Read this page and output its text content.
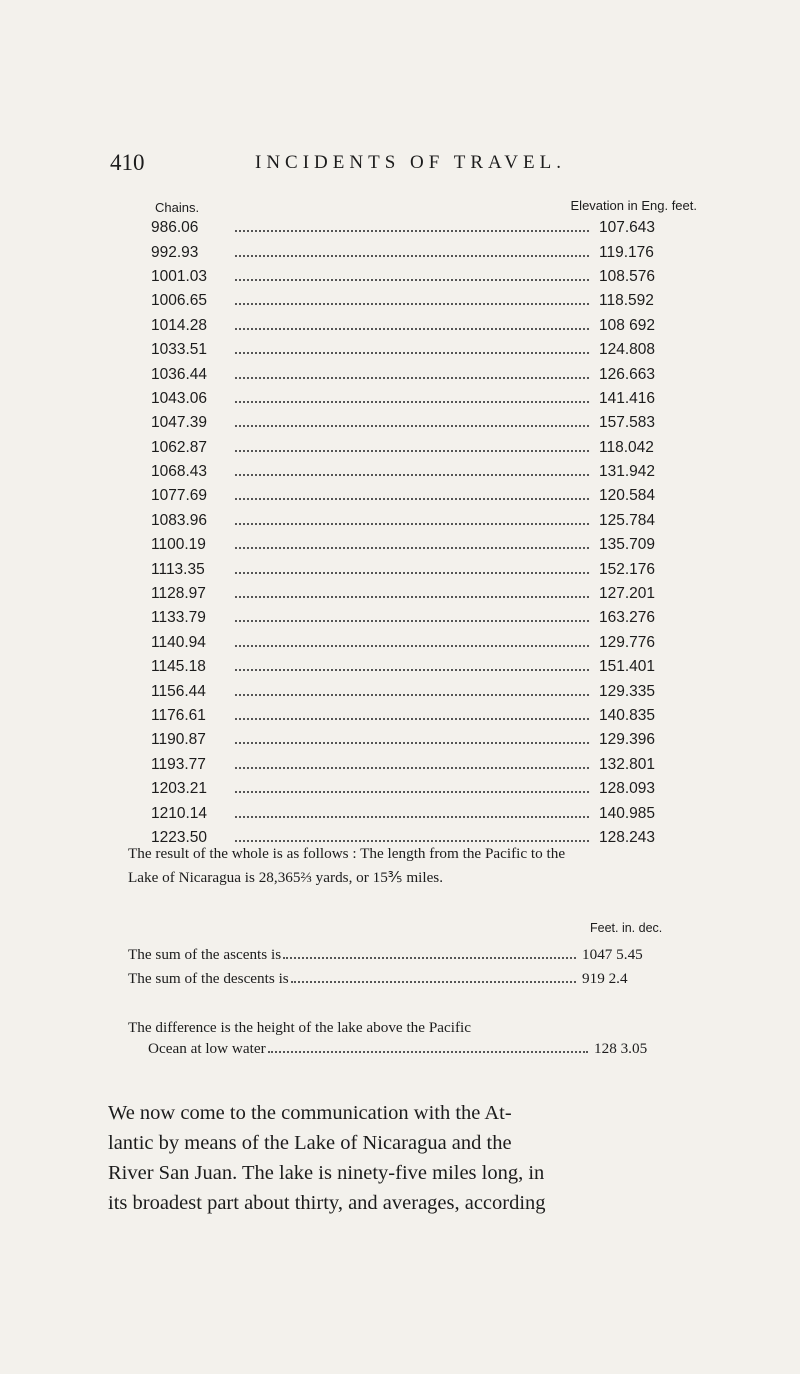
410	INCIDENTS OF TRAVEL.
Chains.	Elevation in Eng. feet.
986.06	107.643
992.93	119.176
1001.03	108.576
1006.65	118.592
1014.28	108 692
1033.51	124.808
1036.44	126.663
1043.06	141.416
1047.39	157.583
1062.87	118.042
1068.43	131.942
1077.69	120.584
1083.96	125.784
1100.19	135.709
1113.35	152.176
1128.97	127.201
1133.79	163.276
1140.94	129.776
1145.18	151.401
1156.44	129.335
1176.61	140.835
1190.87	129.396
1193.77	132.801
1203.21	128.093
1210.14	140.985
1223.50	128.243
The result of the whole is as follows : The length from the Pacific to the
Lake of Nicaragua is 28,365⅔ yards, or 15⅗ miles.
Feet. in. dec.
The sum of the ascents is	1047 5.45
The sum of the descents is	919 2.4
The difference is the height of the lake above the Pacific
Ocean at low water	128 3.05
We now come to the communication with the At-
lantic by means of the Lake of Nicaragua and the
River San Juan. The lake is ninety-five miles long, in
its broadest part about thirty, and averages, according
